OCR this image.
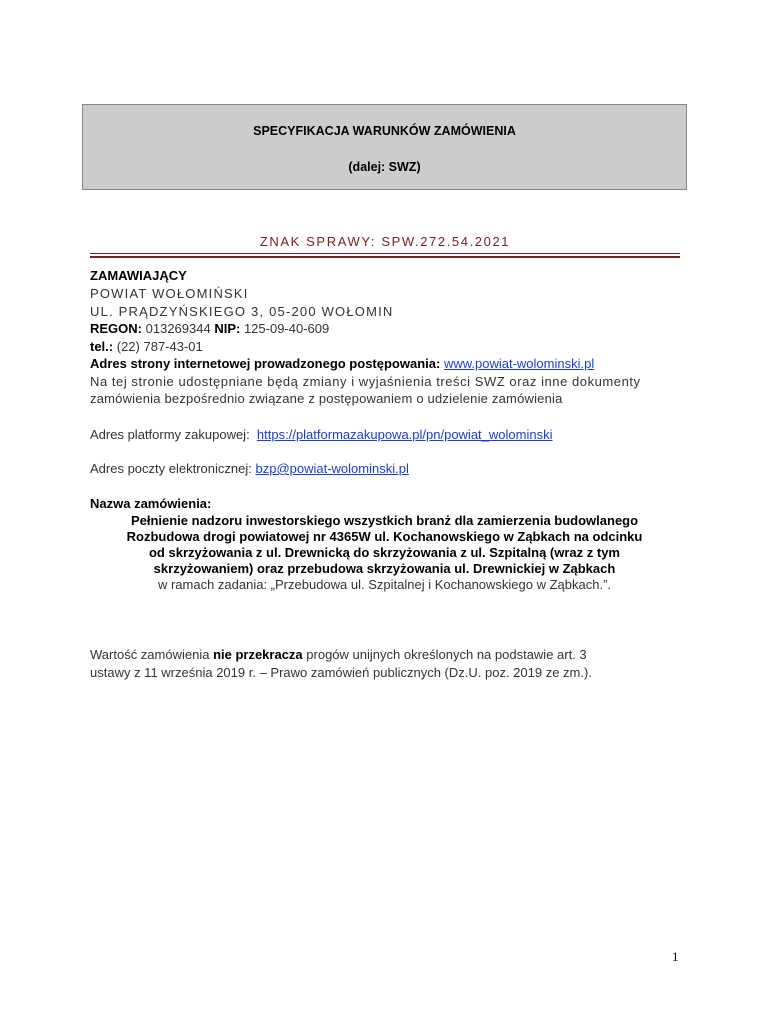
SPECYFIKACJA WARUNKÓW ZAMÓWIENIA
(dalej: SWZ)
ZNAK SPRAWY: SPW.272.54.2021
ZAMAWIAJĄCY
POWIAT WOŁOMIŃSKI
UL. PRĄDZYŃSKIEGO 3, 05-200 WOŁOMIN
REGON: 013269344 NIP: 125-09-40-609
tel.: (22) 787-43-01
Adres strony internetowej prowadzonego postępowania: www.powiat-wolominski.pl
Na tej stronie udostępniane będą zmiany i wyjaśnienia treści SWZ oraz inne dokumenty
zamówienia bezpośrednio związane z postępowaniem o udzielenie zamówienia
Adres platformy zakupowej: https://platformazakupowa.pl/pn/powiat_wolominski
Adres poczty elektronicznej: bzp@powiat-wolominski.pl
Nazwa zamówienia:
Pełnienie nadzoru inwestorskiego wszystkich branż dla zamierzenia budowlanego
Rozbudowa drogi powiatowej nr 4365W ul. Kochanowskiego w Ząbkach na odcinku
od skrzyżowania z ul. Drewnicką do skrzyżowania z ul. Szpitalną (wraz z tym
skrzyżowaniem) oraz przebudowa skrzyżowania ul. Drewnickiej w Ząbkach
w ramach zadania: „Przebudowa ul. Szpitalnej i Kochanowskiego w Ząbkach.”.
Wartość zamówienia nie przekracza progów unijnych określonych na podstawie art. 3
ustawy z 11 września 2019 r. – Prawo zamówień publicznych (Dz.U. poz. 2019 ze zm.).
1
